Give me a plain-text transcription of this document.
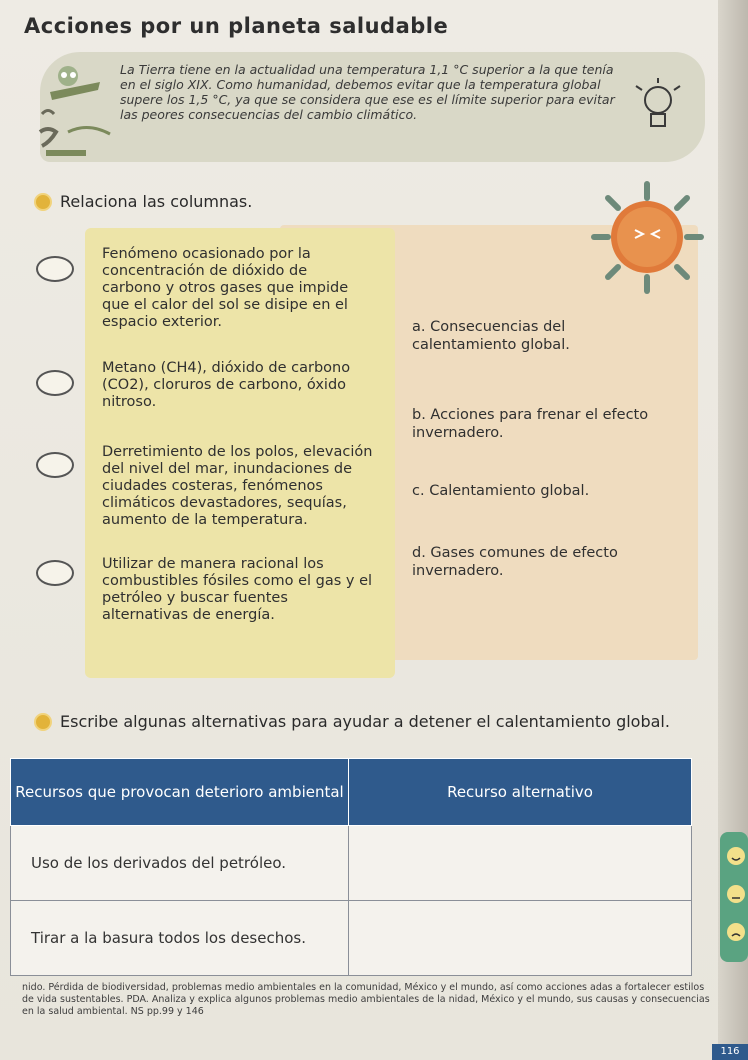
Acciones por un planeta saludable

La Tierra tiene en la actualidad una temperatura 1,1 °C superior a la que tenía en el siglo XIX. Como humanidad, debemos evitar que la temperatura global supere los 1,5 °C, ya que se considera que ese es el límite superior para evitar las peores consecuencias del cambio climático.

Relaciona las columnas.

Fenómeno ocasionado por la concentración de dióxido de carbono y otros gases que impide que el calor del sol se disipe en el espacio exterior.

Metano (CH4), dióxido de carbono (CO2), cloruros de carbono, óxido nitroso.

Derretimiento de los polos, elevación del nivel del mar, inundaciones de ciudades costeras, fenómenos climáticos devastadores, sequías, aumento de la temperatura.

Utilizar de manera racional los combustibles fósiles como el gas y el petróleo y buscar fuentes alternativas de energía.

a. Consecuencias del calentamiento global.

b. Acciones para frenar el efecto invernadero.

c. Calentamiento global.

d. Gases comunes de efecto invernadero.

Escribe algunas alternativas para ayudar a detener el calentamiento global.
Recursos que provocan deterioro ambiental	Recurso alternativo
Uso de los derivados del petróleo.	
Tirar a la basura todos los desechos.	

nido. Pérdida de biodiversidad, problemas medio ambientales en la comunidad, México y el mundo, así como acciones adas a fortalecer estilos de vida sustentables. PDA. Analiza y explica algunos problemas medio ambientales de la nidad, México y el mundo, sus causas y consecuencias en la salud ambiental. NS pp.99 y 146

116
